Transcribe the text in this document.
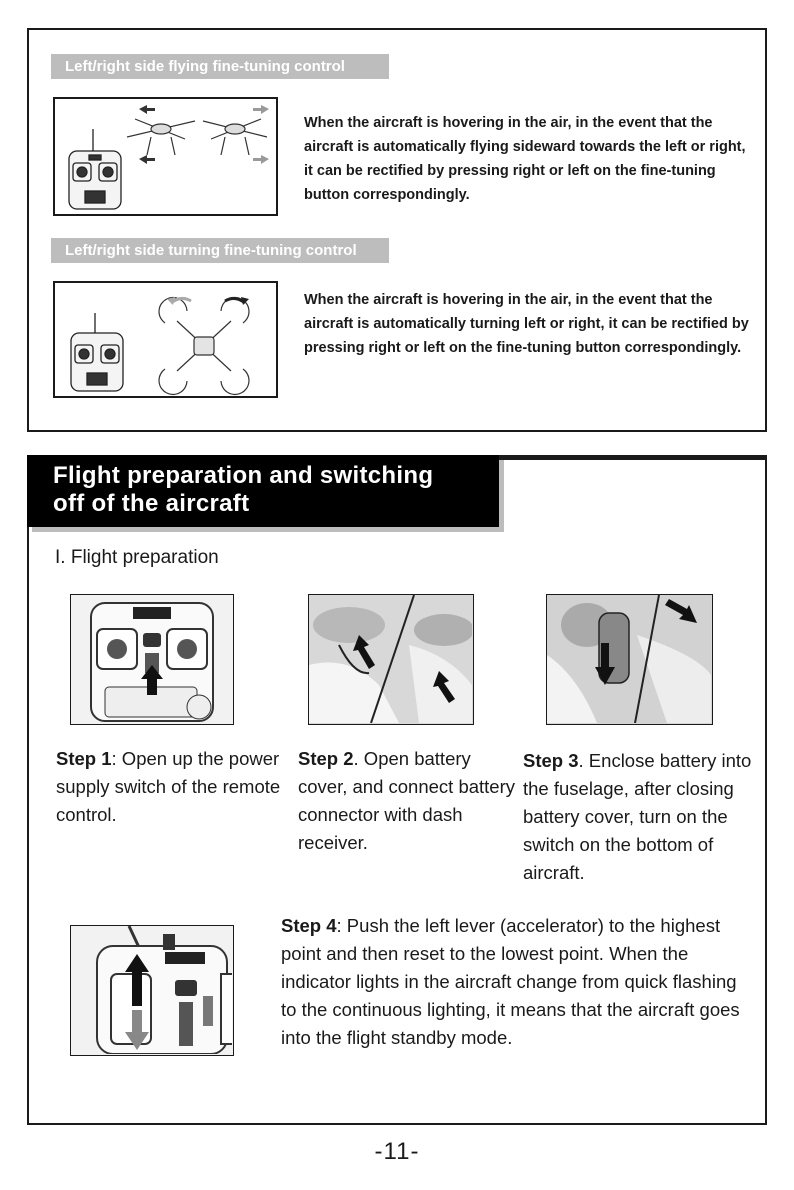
Left/right side flying fine-tuning control
When the aircraft is hovering in the air, in the event that the aircraft is automatically flying sideward towards the left or right, it can be rectified by pressing right or left on the fine-tuning button correspondingly.
Left/right side turning fine-tuning control
When the aircraft is hovering in the air, in the event that the aircraft is automatically turning left or right, it can be rectified by pressing right or left on the fine-tuning button correspondingly.
Flight preparation and switching
off of the aircraft
I. Flight preparation
Step 1: Open up the power supply switch of the remote control.
Step 2. Open battery cover, and connect battery connector with dash receiver.
Step 3. Enclose battery into the fuselage, after closing battery cover, turn on the switch on the bottom of aircraft.
Step 4: Push the left lever (accelerator) to the highest point and then reset to the lowest point. When the indicator lights in the aircraft change from quick flashing to the continuous lighting, it means that the aircraft goes into the flight standby mode.
-11-
